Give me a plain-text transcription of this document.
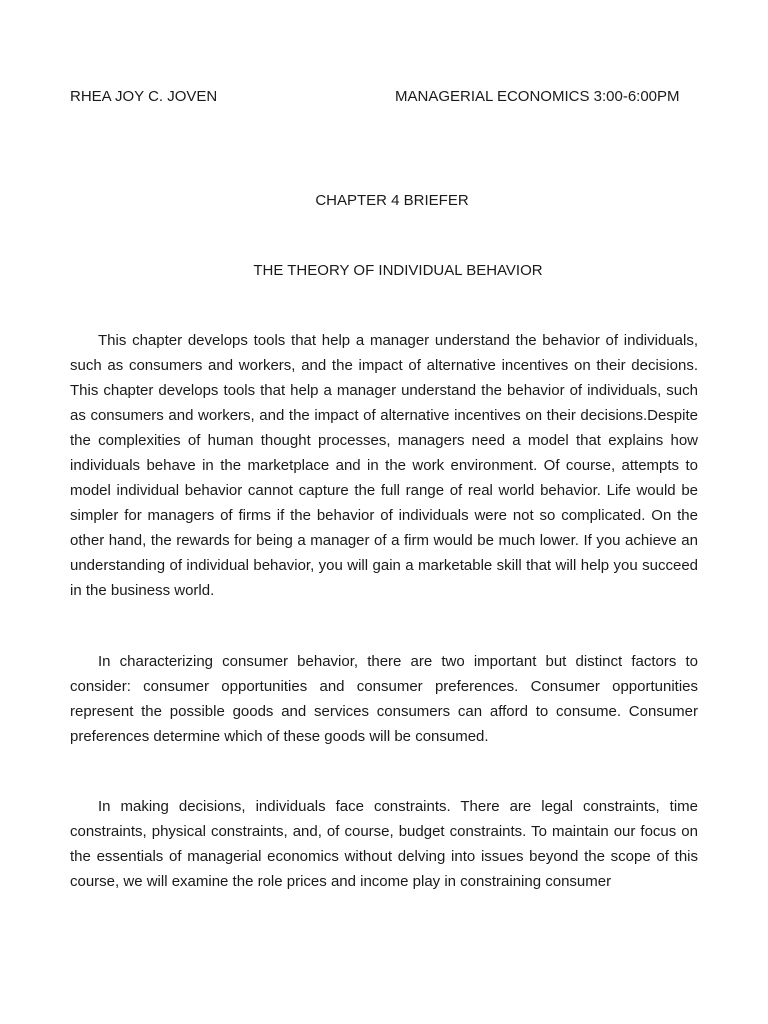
RHEA JOY C. JOVEN	MANAGERIAL ECONOMICS 3:00-6:00PM
CHAPTER 4 BRIEFER
THE THEORY OF INDIVIDUAL BEHAVIOR

This chapter develops tools that help a manager understand the behavior of individuals, such as consumers and workers, and the impact of alternative incentives on their decisions. This chapter develops tools that help a manager understand the behavior of individuals, such as consumers and workers, and the impact of alternative incentives on their decisions.Despite the complexities of human thought processes, managers need a model that explains how individuals behave in the marketplace and in the work environment. Of course, attempts to model individual behavior cannot capture the full range of real world behavior. Life would be simpler for managers of firms if the behavior of individuals were not so complicated. On the other hand, the rewards for being a manager of a firm would be much lower. If you achieve an understanding of individual behavior, you will gain a marketable skill that will help you succeed in the business world.

In characterizing consumer behavior, there are two important but distinct factors to consider: consumer opportunities and consumer preferences. Consumer opportunities represent the possible goods and services consumers can afford to consume. Consumer preferences determine which of these goods will be consumed.

In making decisions, individuals face constraints. There are legal constraints, time constraints, physical constraints, and, of course, budget constraints. To maintain our focus on the essentials of managerial economics without delving into issues beyond the scope of this course, we will examine the role prices and income play in constraining consumer
